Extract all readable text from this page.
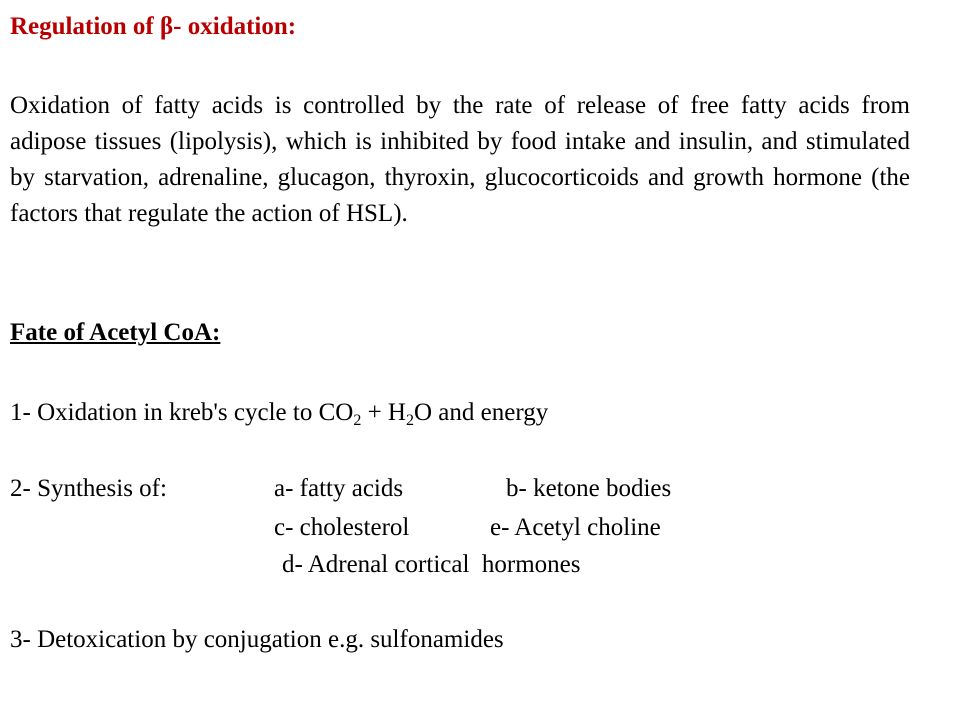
Regulation of β- oxidation:
Oxidation of fatty acids is controlled by the rate of release of free fatty acids from adipose tissues (lipolysis), which is inhibited by food intake and insulin, and stimulated by starvation, adrenaline, glucagon, thyroxin, glucocorticoids and growth hormone (the factors that regulate the action of HSL).
Fate of Acetyl CoA:
1- Oxidation in kreb's cycle to $CO_2 + H_2O$ and energy
2- Synthesis of:	a- fatty acids	b- ketone bodies
c- cholesterol	e- Acetyl choline
d- Adrenal cortical  hormones
3- Detoxication by conjugation e.g. sulfonamides
